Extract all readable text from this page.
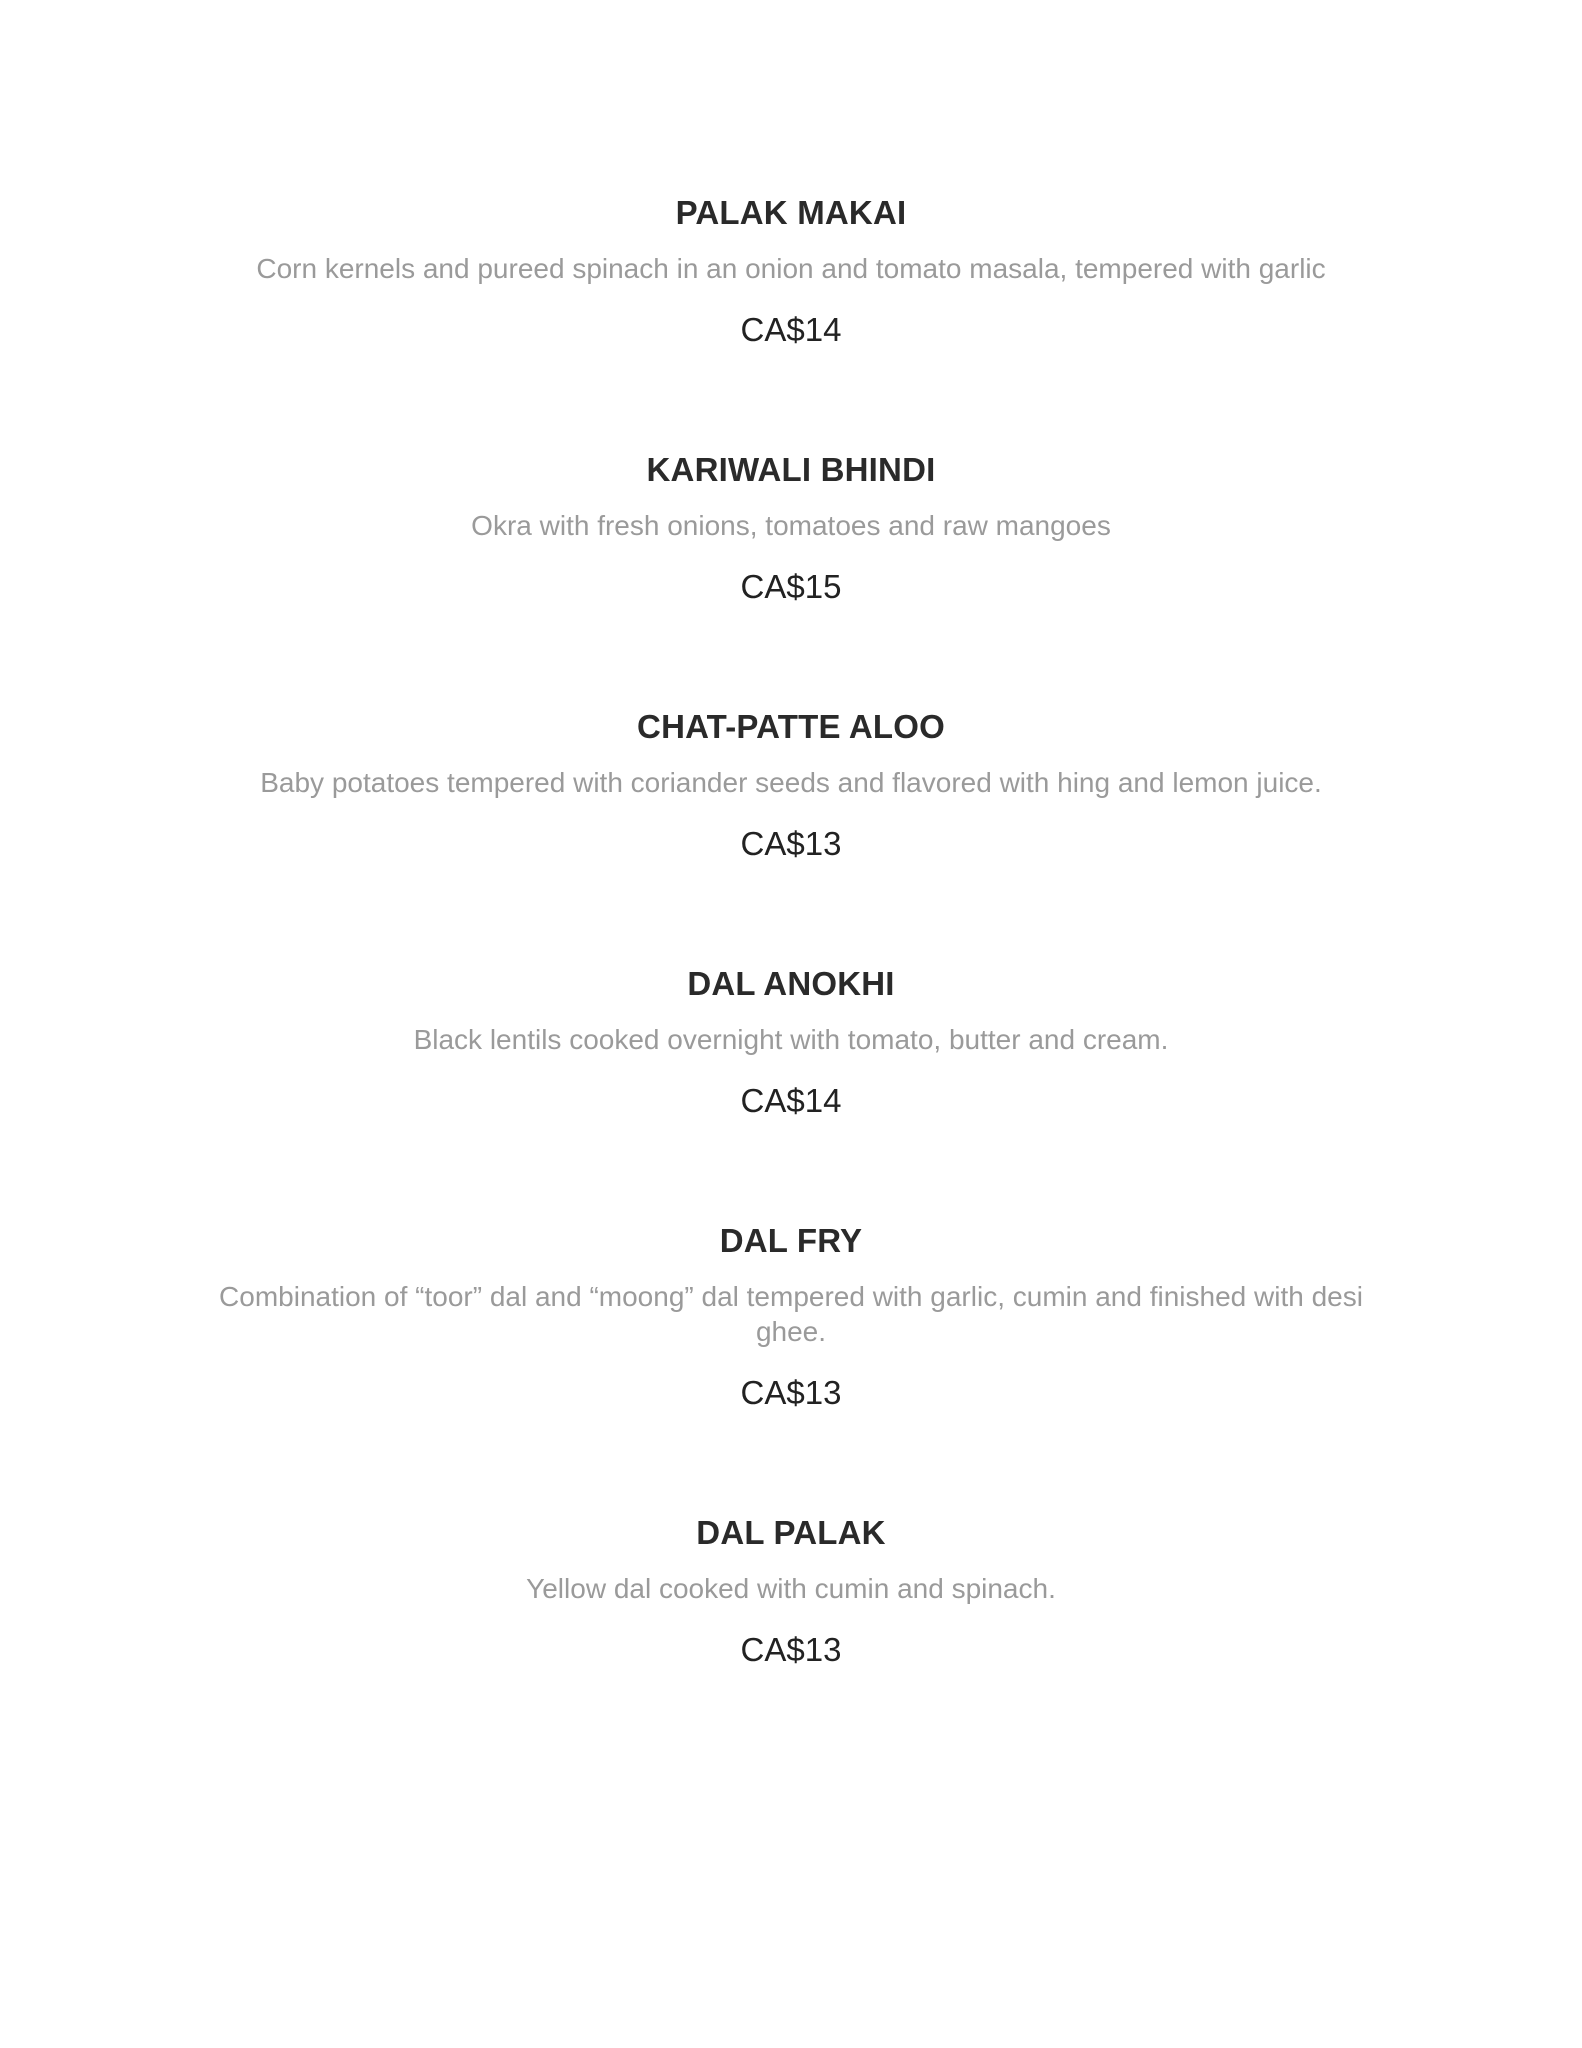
PALAK MAKAI
Corn kernels and pureed spinach in an onion and tomato masala, tempered with garlic
CA$14
KARIWALI BHINDI
Okra with fresh onions, tomatoes and raw mangoes
CA$15
CHAT-PATTE ALOO
Baby potatoes tempered with coriander seeds and flavored with hing and lemon juice.
CA$13
DAL ANOKHI
Black lentils cooked overnight with tomato, butter and cream.
CA$14
DAL FRY
Combination of “toor” dal and “moong” dal tempered with garlic, cumin and finished with desi ghee.
CA$13
DAL PALAK
Yellow dal cooked with cumin and spinach.
CA$13
